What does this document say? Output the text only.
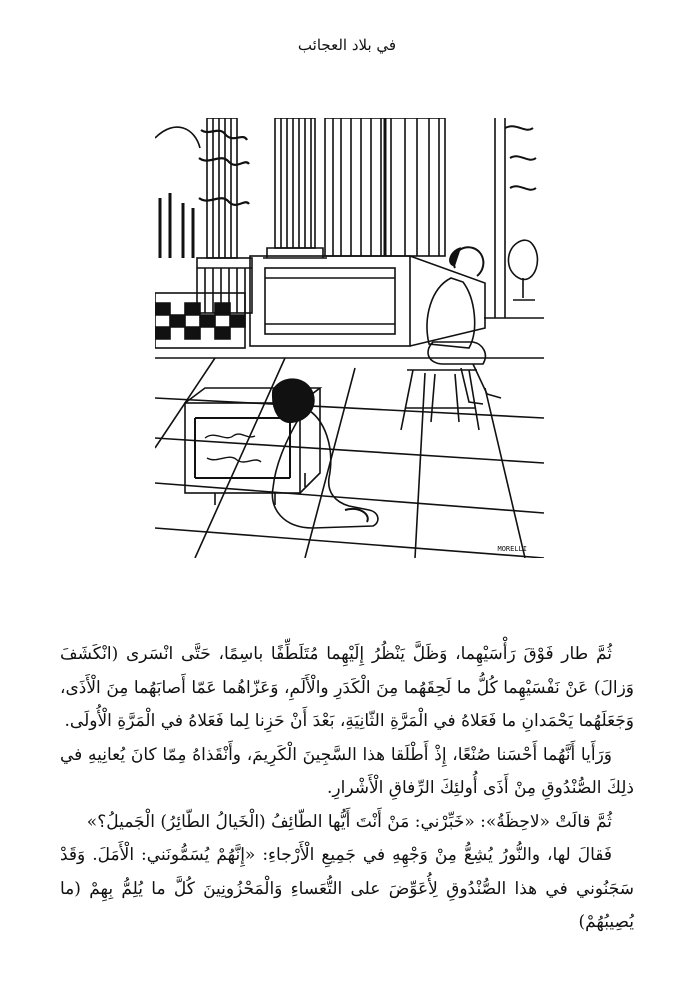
في بلاد العجائب
MORELLI

ثُمَّ طار فَوْقَ رَأْسَيْهِما، وَظَلَّ يَنْظُرُ إِلَيْهِما مُتَلَطِّفًا باسِمًا، حَتَّى انْسَرى (انْكَشَفَ وَزالَ) عَنْ نَفْسَيْهِما كُلُّ ما لَحِقَهُما مِنَ الْكَدَرِ والْأَلَمِ، وَعَزّاهُما عَمّا أَصابَهُما مِنَ الْأَذَى، وَجَعَلَهُما يَحْمَدانِ ما فَعَلاهُ في الْمَرَّةِ الثّانِيَةِ، بَعْدَ أَنْ حَزِنا لِما فَعَلاهُ في الْمَرَّةِ الْأُولَى.

وَرَأَيا أَنَّهُما أَحْسَنا صُنْعًا، إِذْ أَطْلَقا هذا السَّجِينَ الْكَرِيمَ، وأَنْقَذاهُ مِمّا كانَ يُعانِيهِ في ذلِكَ الصُّنْدُوقِ مِنْ أَذَى أُولئِكَ الرِّفاقِ الْأَشْرارِ.

ثُمَّ قالَتْ «لاحِظَةُ»: «خَبِّرْني: مَنْ أَنْتَ أَيُّها الطّائِفُ (الْخَيالُ الطّائِرُ) الْجَميلُ؟»

فَقالَ لها، والنُّورُ يُشِعُّ مِنْ وَجْهِهِ في جَمِيعِ الْأَرْجاءِ: «إِنَّهُمْ يُسَمُّونَني: الْأَمَلَ. وَقَدْ سَجَنُوني في هذا الصُّنْدُوقِ لِأُعَوِّضَ على التُّعَساءِ وَالْمَحْزُونِينَ كُلَّ ما يُلِمُّ بِهِمْ (ما يُصِيبُهُمْ)
